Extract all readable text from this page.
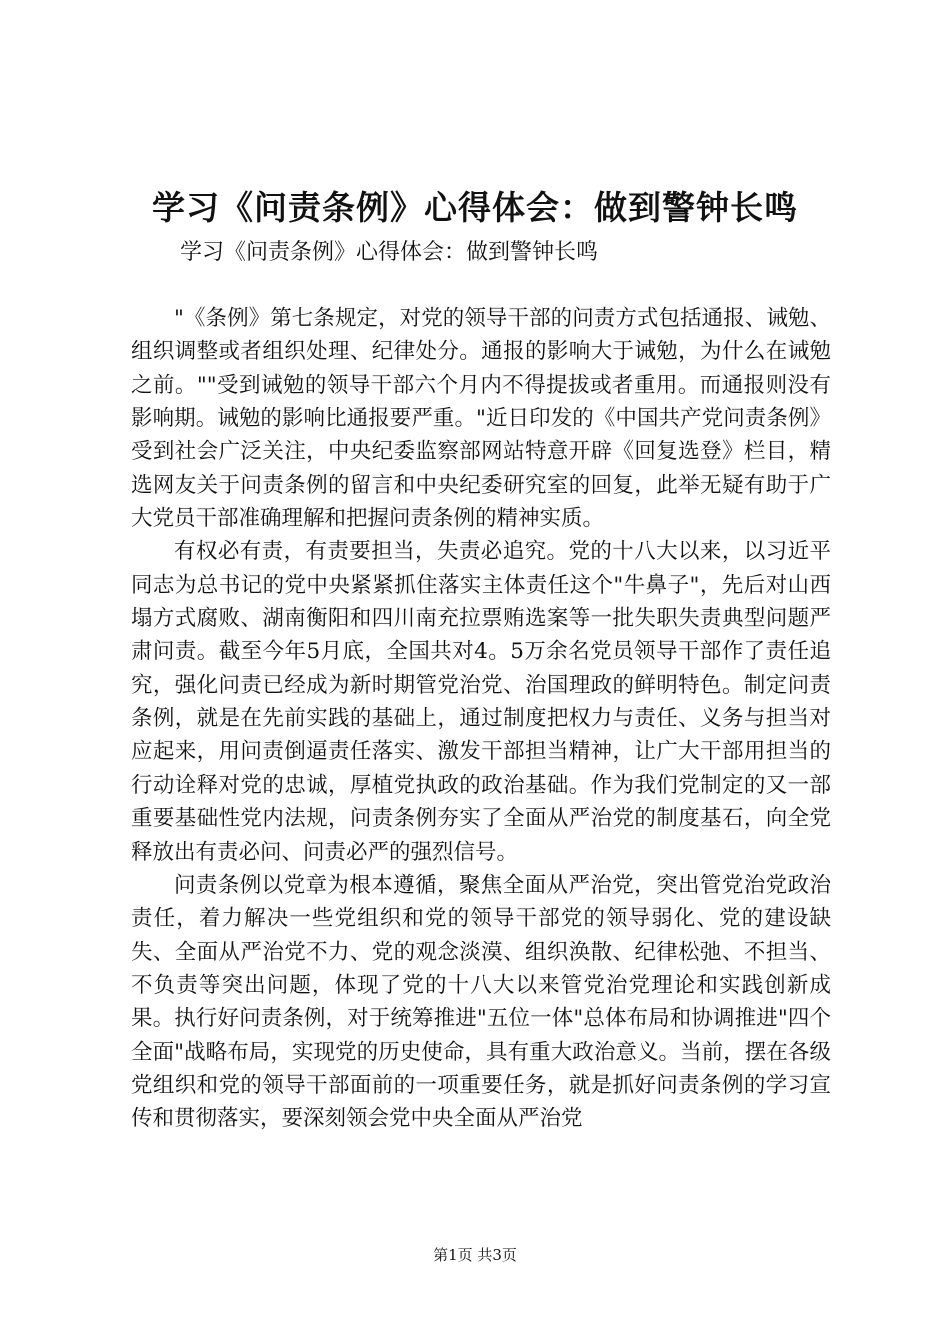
学习《问责条例》心得体会：做到警钟长鸣

学习《问责条例》心得体会：做到警钟长鸣

"《条例》第七条规定，对党的领导干部的问责方式包括通报、诫勉、组织调整或者组织处理、纪律处分。通报的影响大于诫勉，为什么在诫勉之前。""受到诫勉的领导干部六个月内不得提拔或者重用。而通报则没有影响期。诫勉的影响比通报要严重。"近日印发的《中国共产党问责条例》受到社会广泛关注，中央纪委监察部网站特意开辟《回复选登》栏目，精选网友关于问责条例的留言和中央纪委研究室的回复，此举无疑有助于广大党员干部准确理解和把握问责条例的精神实质。

有权必有责，有责要担当，失责必追究。党的十八大以来，以习近平同志为总书记的党中央紧紧抓住落实主体责任这个"牛鼻子"，先后对山西塌方式腐败、湖南衡阳和四川南充拉票贿选案等一批失职失责典型问题严肃问责。截至今年5月底，全国共对4。5万余名党员领导干部作了责任追究，强化问责已经成为新时期管党治党、治国理政的鲜明特色。制定问责条例，就是在先前实践的基础上，通过制度把权力与责任、义务与担当对应起来，用问责倒逼责任落实、激发干部担当精神，让广大干部用担当的行动诠释对党的忠诚，厚植党执政的政治基础。作为我们党制定的又一部重要基础性党内法规，问责条例夯实了全面从严治党的制度基石，向全党释放出有责必问、问责必严的强烈信号。

问责条例以党章为根本遵循，聚焦全面从严治党，突出管党治党政治责任，着力解决一些党组织和党的领导干部党的领导弱化、党的建设缺失、全面从严治党不力、党的观念淡漠、组织涣散、纪律松弛、不担当、不负责等突出问题，体现了党的十八大以来管党治党理论和实践创新成果。执行好问责条例，对于统筹推进"五位一体"总体布局和协调推进"四个全面"战略布局，实现党的历史使命，具有重大政治意义。当前，摆在各级党组织和党的领导干部面前的一项重要任务，就是抓好问责条例的学习宣传和贯彻落实，要深刻领会党中央全面从严治党

第1页 共3页
